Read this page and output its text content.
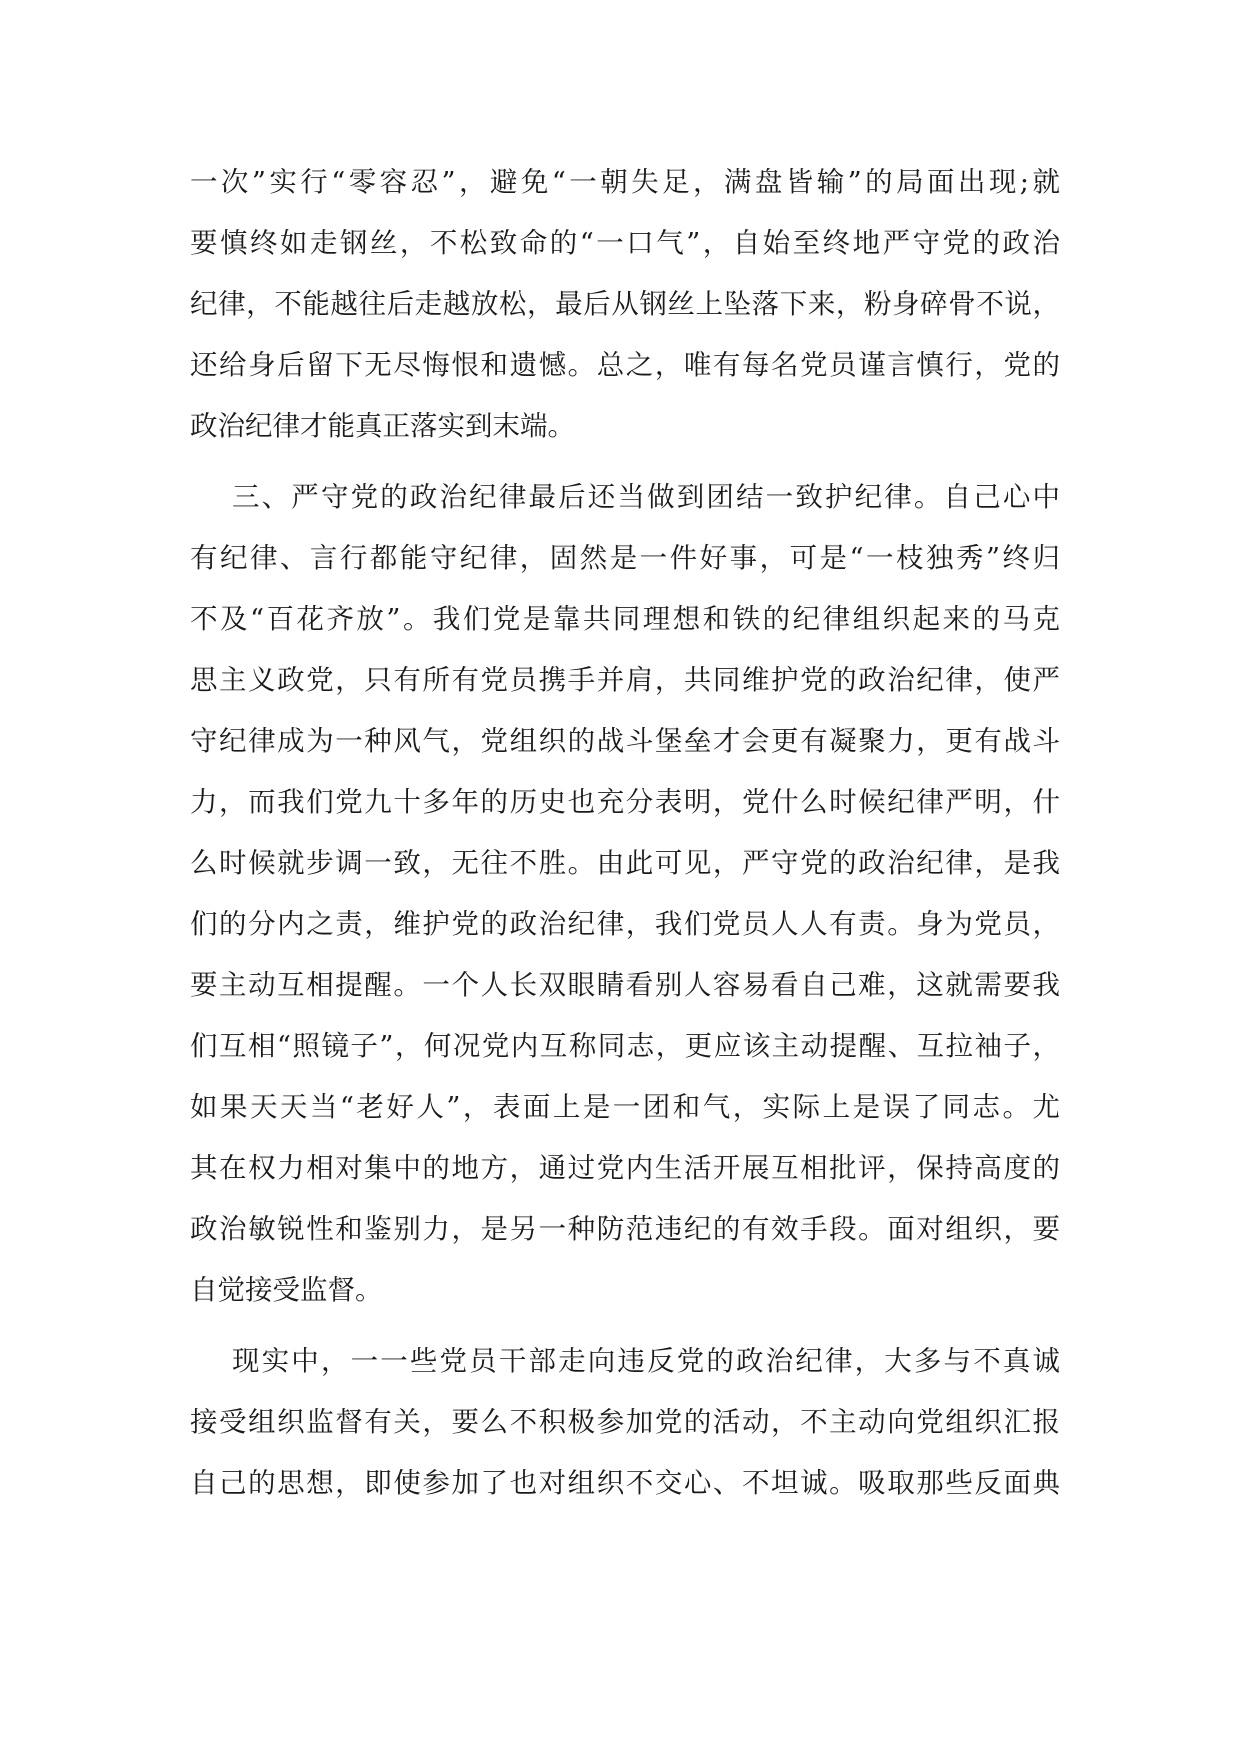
一次”实行“零容忍”，避免“一朝失足，满盘皆输”的局面出现;就
要慎终如走钢丝，不松致命的“一口气”，自始至终地严守党的政治
纪律，不能越往后走越放松，最后从钢丝上坠落下来，粉身碎骨不说，
还给身后留下无尽悔恨和遗憾。总之，唯有每名党员谨言慎行，党的
政治纪律才能真正落实到末端。
三、严守党的政治纪律最后还当做到团结一致护纪律。自己心中
有纪律、言行都能守纪律，固然是一件好事，可是“一枝独秀”终归
不及“百花齐放”。我们党是靠共同理想和铁的纪律组织起来的马克
思主义政党，只有所有党员携手并肩，共同维护党的政治纪律，使严
守纪律成为一种风气，党组织的战斗堡垒才会更有凝聚力，更有战斗
力，而我们党九十多年的历史也充分表明，党什么时候纪律严明，什
么时候就步调一致，无往不胜。由此可见，严守党的政治纪律，是我
们的分内之责，维护党的政治纪律，我们党员人人有责。身为党员，
要主动互相提醒。一个人长双眼睛看别人容易看自己难，这就需要我
们互相“照镜子”，何况党内互称同志，更应该主动提醒、互拉袖子，
如果天天当“老好人”，表面上是一团和气，实际上是误了同志。尤
其在权力相对集中的地方，通过党内生活开展互相批评，保持高度的
政治敏锐性和鉴别力，是另一种防范违纪的有效手段。面对组织，要
自觉接受监督。
现实中，一一些党员干部走向违反党的政治纪律，大多与不真诚
接受组织监督有关，要么不积极参加党的活动，不主动向党组织汇报
自己的思想，即使参加了也对组织不交心、不坦诚。吸取那些反面典
